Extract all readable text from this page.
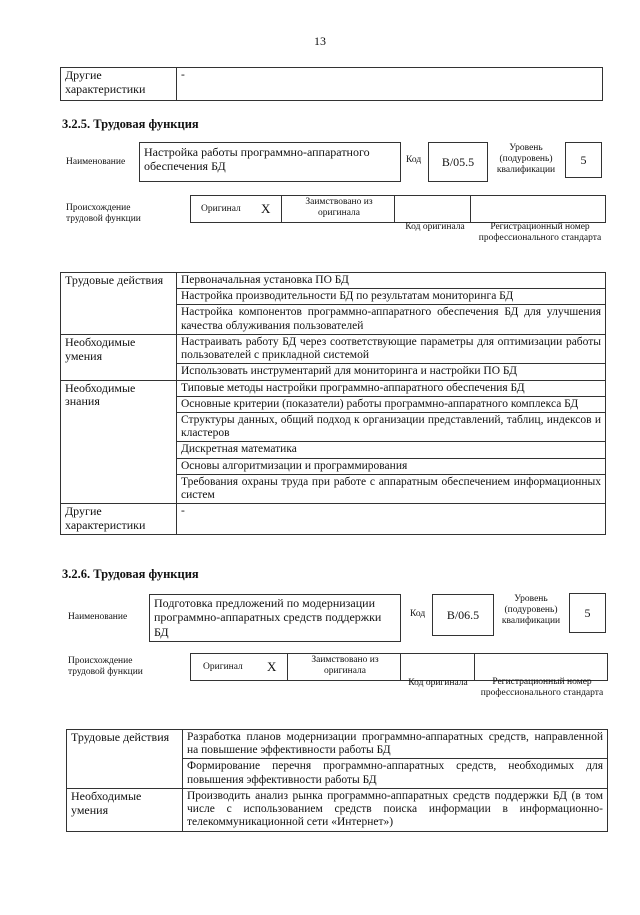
13
Другие характеристики	-
3.2.5. Трудовая функция
Наименование
Настройка работы программно-аппаратного обеспечения БД	Код B/05.5
Уровень (подуровень) квалификации
5
Происхождение трудовой функции
Оригинал X	Заимствовано из оригинала
Код оригинала	Регистрационный номер профессионального стандарта
Трудовые действия	Первоначальная установка ПО БД
	Настройка производительности БД по результатам мониторинга БД
	Настройка компонентов программно-аппаратного обеспечения БД для улучшения качества облуживания пользователей
Необходимые умения	Настраивать работу БД через соответствующие параметры для оптимизации работы пользователей с прикладной системой
	Использовать инструментарий для мониторинга и настройки ПО БД
Необходимые знания	Типовые методы настройки программно-аппаратного обеспечения БД
	Основные критерии (показатели) работы программно-аппаратного комплекса БД
	Структуры данных, общий подход к организации представлений, таблиц, индексов и кластеров
	Дискретная математика
	Основы алгоритмизации и программирования
	Требования охраны труда при работе с аппаратным обеспечением информационных систем
Другие характеристики	-
3.2.6. Трудовая функция
Наименование
Подготовка предложений по модернизации программно-аппаратных средств поддержки БД
Код B/06.5
Уровень (подуровень) квалификации
5
Происхождение трудовой функции	Оригинал X	Заимствовано из оригинала
Код оригинала	Регистрационный номер профессионального стандарта
Трудовые действия	Разработка планов модернизации программно-аппаратных средств, направленной на повышение эффективности работы БД
	Формирование перечня программно-аппаратных средств, необходимых для повышения эффективности работы БД
Необходимые умения	Производить анализ рынка программно-аппаратных средств поддержки БД (в том числе с использованием средств поиска информации в информационно-телекоммуникационной сети «Интернет»)
